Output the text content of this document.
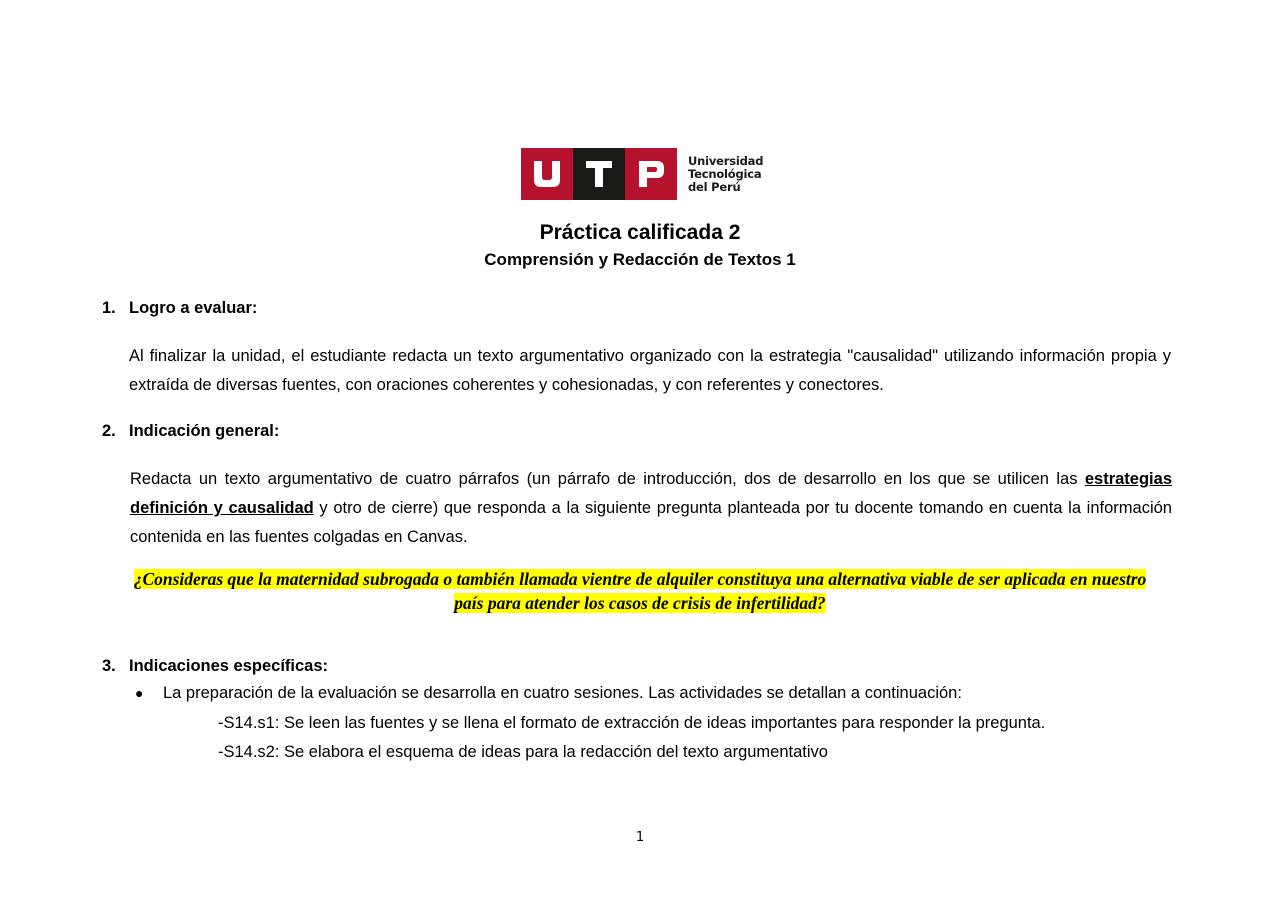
Universidad
Tecnológica
del Perú
Práctica calificada 2
Comprensión y Redacción de Textos 1
1. Logro a evaluar:
Al finalizar la unidad, el estudiante redacta un texto argumentativo organizado con la estrategia "causalidad" utilizando información propia y extraída de diversas fuentes, con oraciones coherentes y cohesionadas, y con referentes y conectores.
2. Indicación general:
Redacta un texto argumentativo de cuatro párrafos (un párrafo de introducción, dos de desarrollo en los que se utilicen las estrategias definición y causalidad y otro de cierre) que responda a la siguiente pregunta planteada por tu docente tomando en cuenta la información contenida en las fuentes colgadas en Canvas.
¿Consideras que la maternidad subrogada o también llamada vientre de alquiler constituya una alternativa viable de ser aplicada en nuestro
país para atender los casos de crisis de infertilidad?
3. Indicaciones específicas:
● La preparación de la evaluación se desarrolla en cuatro sesiones. Las actividades se detallan a continuación:
-S14.s1: Se leen las fuentes y se llena el formato de extracción de ideas importantes para responder la pregunta.
-S14.s2: Se elabora el esquema de ideas para la redacción del texto argumentativo
1
